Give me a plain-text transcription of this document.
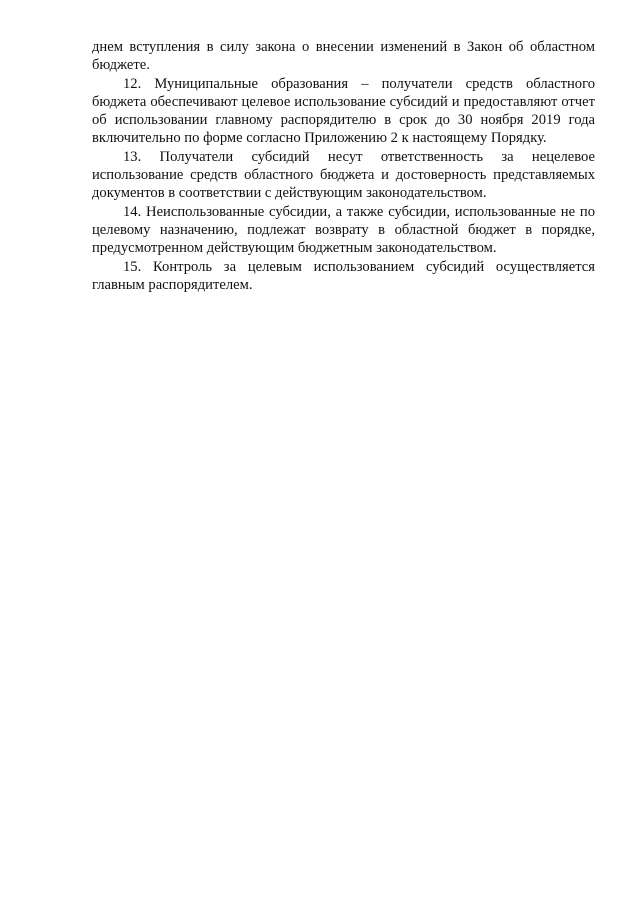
днем вступления в силу закона о внесении изменений в Закон об областном бюджете.

12. Муниципальные образования – получатели средств областного бюджета обеспечивают целевое использование субсидий и предоставляют отчет об использовании главному распорядителю в срок до 30 ноября 2019 года включительно по форме согласно Приложению 2 к настоящему Порядку.

13. Получатели субсидий несут ответственность за нецелевое использование средств областного бюджета и достоверность представляемых документов в соответствии с действующим законодательством.

14. Неиспользованные субсидии, а также субсидии, использованные не по целевому назначению, подлежат возврату в областной бюджет в порядке, предусмотренном действующим бюджетным законодательством.

15. Контроль за целевым использованием субсидий осуществляется главным распорядителем.
